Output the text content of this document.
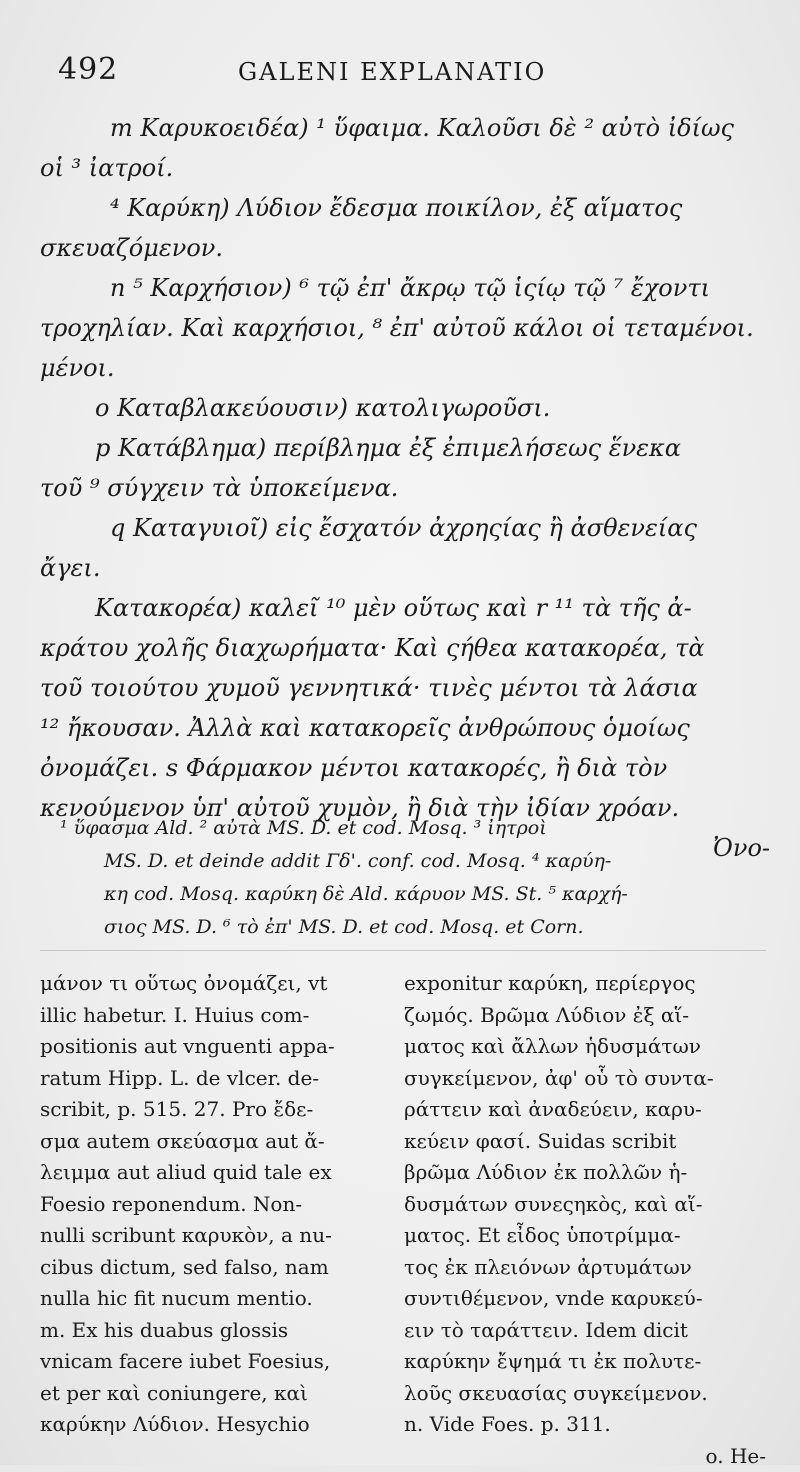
492	GALENI EXPLANATIO
m Καρυκοειδέα) ¹ ὕφαιμα. Καλοῦσι δὲ ² αὐτὸ ἰδίως
οἱ ³ ἰατροί.
⁴ Καρύκη) Λύδιον ἔδεσμα ποικίλον, ἐξ αἵματος
σκευαζόμενον.
n ⁵ Καρχήσιον) ⁶ τῷ ἐπ' ἄκρῳ τῷ ἱςίῳ τῷ ⁷ ἔχοντι
τροχηλίαν. Καὶ καρχήσιοι, ⁸ ἐπ' αὐτοῦ κάλοι οἱ τεταμένοι.
μένοι.
o Καταβλακεύουσιν) κατολιγωροῦσι.
p Κατάβλημα) περίβλημα ἐξ ἐπιμελήσεως ἕνεκα
τοῦ ⁹ σύγχειν τὰ ὑποκείμενα.
q Καταγυιοῖ) εἰς ἔσχατόν ἀχρηςίας ἢ ἀσθενείας
ἄγει.
Κατακορέα) καλεῖ ¹⁰ μὲν οὕτως καὶ r ¹¹ τὰ τῆς ἀ-
κράτου χολῆς διαχωρήματα· Καὶ ςήθεα κατακορέα, τὰ
τοῦ τοιούτου χυμοῦ γεννητικά· τινὲς μέντοι τὰ λάσια
¹² ἤκουσαν. Ἀλλὰ καὶ κατακορεῖς ἀνθρώπους ὁμοίως
ὀνομάζει. s Φάρμακον μέντοι κατακορές, ἢ διὰ τὸν
κενούμενον ὑπ' αὐτοῦ χυμὸν, ἢ διὰ τὴν ἰδίαν χρόαν.
Ὀνο-
¹ ὕφασμα Ald. ² αὐτὰ MS. D. et cod. Mosq. ³ ἰητροὶ
MS. D. et deinde addit Γδ'. conf. cod. Mosq. ⁴ καρύη-
κη cod. Mosq. καρύκη δὲ Ald. κάρυον MS. St. ⁵ καρχή-
σιος MS. D. ⁶ τὸ ἐπ' MS. D. et cod. Mosq. et Corn.
μάνον τι οὕτως ὀνομάζει, vt
illic habetur. I. Huius com-
positionis aut vnguenti appa-
ratum Hipp. L. de vlcer. de-
scribit, p. 515. 27. Pro ἔδε-
σμα autem σκεύασμα aut ἄ-
λειμμα aut aliud quid tale ex
Foesio reponendum. Non-
nulli scribunt καρυκὸν, a nu-
cibus dictum, sed falso, nam
nulla hic fit nucum mentio.
m. Ex his duabus glossis
vnicam facere iubet Foesius,
et per καὶ coniungere, καὶ
καρύκην Λύδιον. Hesychio
exponitur καρύκη, περίεργος
ζωμός. Βρῶμα Λύδιον ἐξ αἵ-
ματος καὶ ἄλλων ἡδυσμάτων
συγκείμενον, ἀφ' οὗ τὸ συντα-
ράττειν καὶ ἀναδεύειν, καρυ-
κεύειν φασί. Suidas scribit
βρῶμα Λύδιον ἐκ πολλῶν ἡ-
δυσμάτων συνεςηκὸς, καὶ αἵ-
ματος. Et εἶδος ὑποτρίμμα-
τος ἐκ πλειόνων ἀρτυμάτων
συντιθέμενον, vnde καρυκεύ-
ειν τὸ ταράττειν. Idem dicit
καρύκην ἔψημά τι ἐκ πολυτε-
λοῦς σκευασίας συγκείμενον.
n. Vide Foes. p. 311.
o. He-
